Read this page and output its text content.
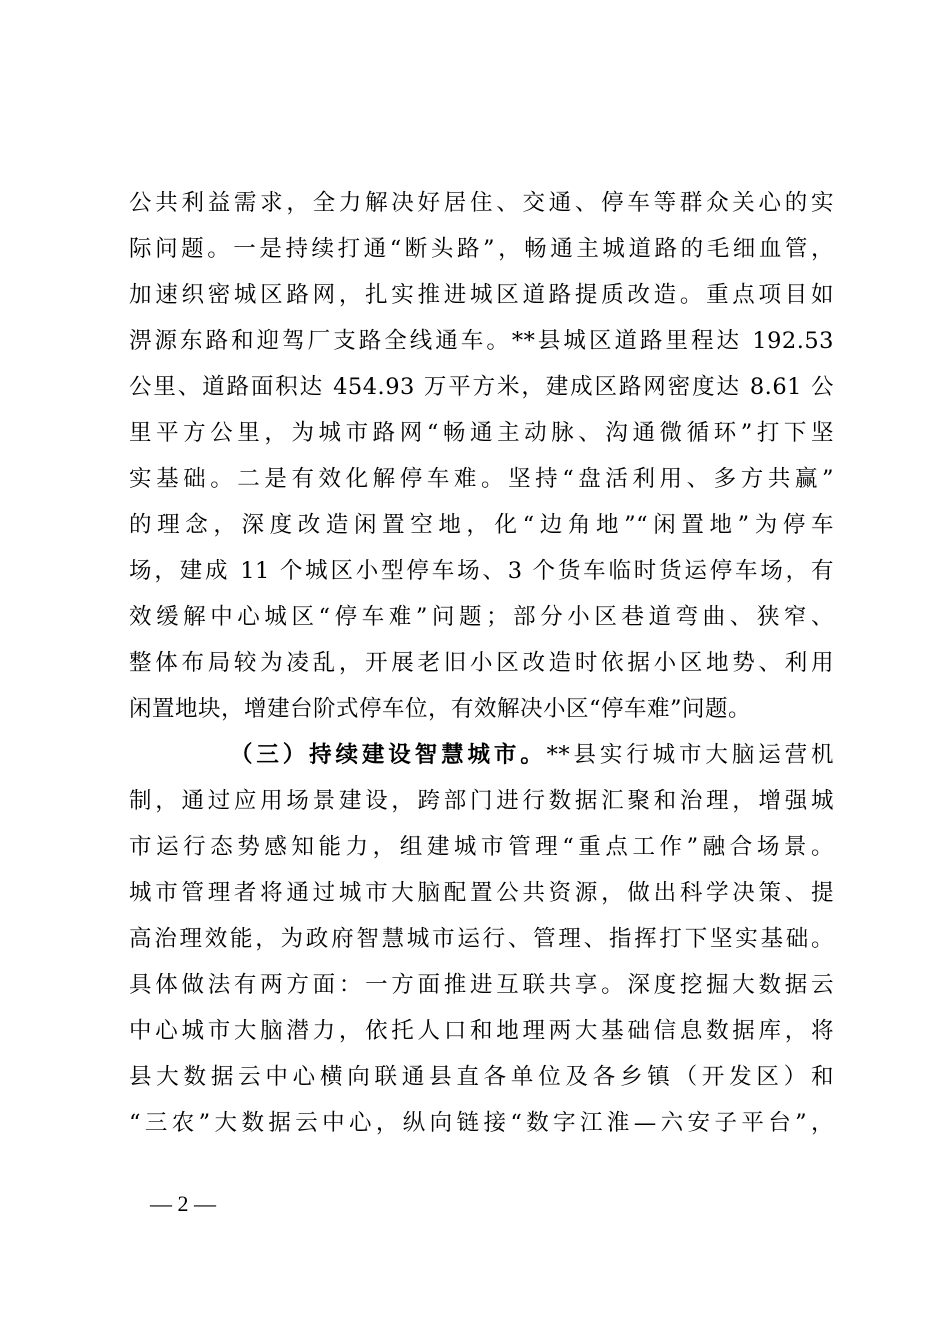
公共利益需求，全力解决好居住、交通、停车等群众关心的实
际问题。一是持续打通“断头路”，畅通主城道路的毛细血管，
加速织密城区路网，扎实推进城区道路提质改造。重点项目如
淠源东路和迎驾厂支路全线通车。**县城区道路里程达 192.53
公里、道路面积达 454.93 万平方米，建成区路网密度达 8.61 公
里平方公里，为城市路网“畅通主动脉、沟通微循环”打下坚
实基础。二是有效化解停车难。坚持“盘活利用、多方共赢”
的理念，深度改造闲置空地，化“边角地”“闲置地”为停车
场，建成 11 个城区小型停车场、3 个货车临时货运停车场，有
效缓解中心城区“停车难”问题；部分小区巷道弯曲、狭窄、
整体布局较为凌乱，开展老旧小区改造时依据小区地势、利用
闲置地块，增建台阶式停车位，有效解决小区“停车难”问题。
（三）持续建设智慧城市。**县实行城市大脑运营机
制，通过应用场景建设，跨部门进行数据汇聚和治理，增强城
市运行态势感知能力，组建城市管理“重点工作”融合场景。
城市管理者将通过城市大脑配置公共资源，做出科学决策、提
高治理效能，为政府智慧城市运行、管理、指挥打下坚实基础。
具体做法有两方面：一方面推进互联共享。深度挖掘大数据云
中心城市大脑潜力，依托人口和地理两大基础信息数据库，将
县大数据云中心横向联通县直各单位及各乡镇（开发区）和
“三农”大数据云中心，纵向链接“数字江淮—六安子平台”，
— 2 —
